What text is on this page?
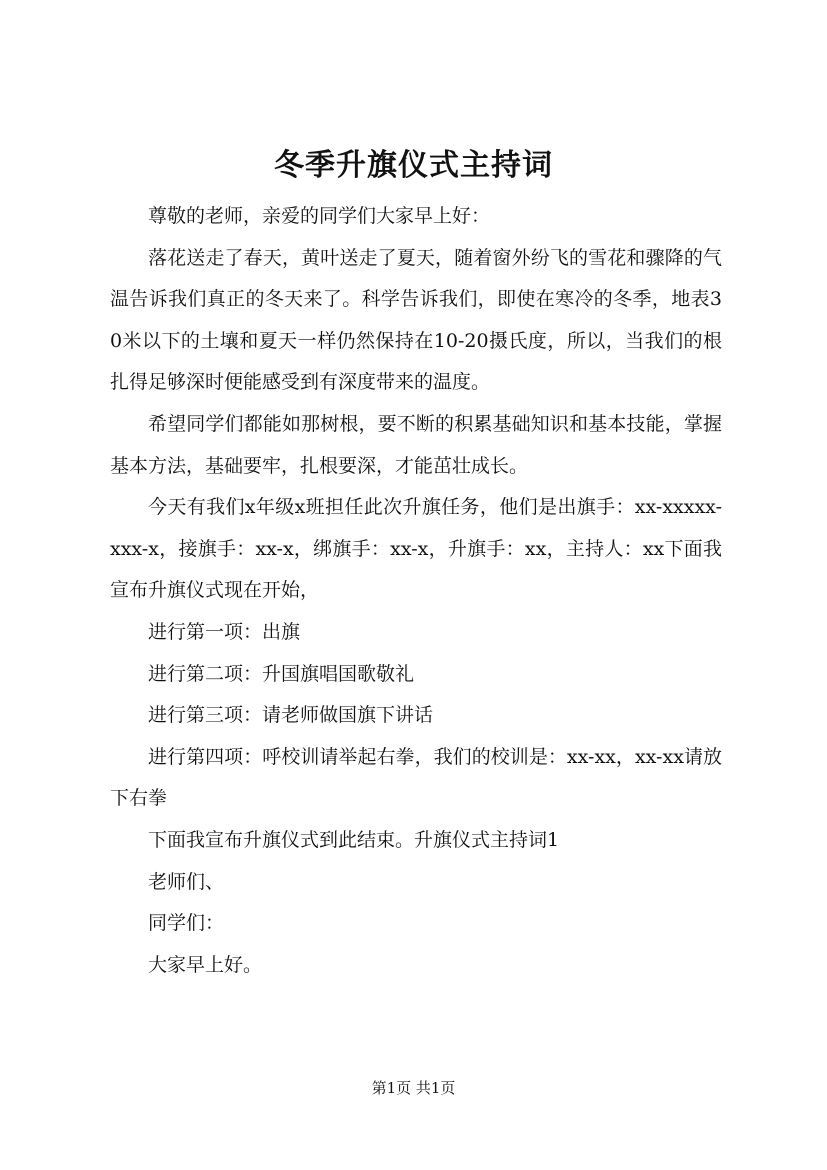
冬季升旗仪式主持词

尊敬的老师，亲爱的同学们大家早上好：

落花送走了春天，黄叶送走了夏天，随着窗外纷飞的雪花和骤降的气温告诉我们真正的冬天来了。科学告诉我们，即使在寒冷的冬季，地表30米以下的土壤和夏天一样仍然保持在10-20摄氏度，所以，当我们的根扎得足够深时便能感受到有深度带来的温度。

希望同学们都能如那树根，要不断的积累基础知识和基本技能，掌握基本方法，基础要牢，扎根要深，才能茁壮成长。

今天有我们x年级x班担任此次升旗任务，他们是出旗手：xx-xxxxx-xxx-x，接旗手：xx-x，绑旗手：xx-x，升旗手：xx，主持人：xx下面我宣布升旗仪式现在开始，

进行第一项：出旗

进行第二项：升国旗唱国歌敬礼

进行第三项：请老师做国旗下讲话

进行第四项：呼校训请举起右拳，我们的校训是：xx-xx，xx-xx请放下右拳

下面我宣布升旗仪式到此结束。升旗仪式主持词1

老师们、

同学们：

大家早上好。

第1页 共1页
